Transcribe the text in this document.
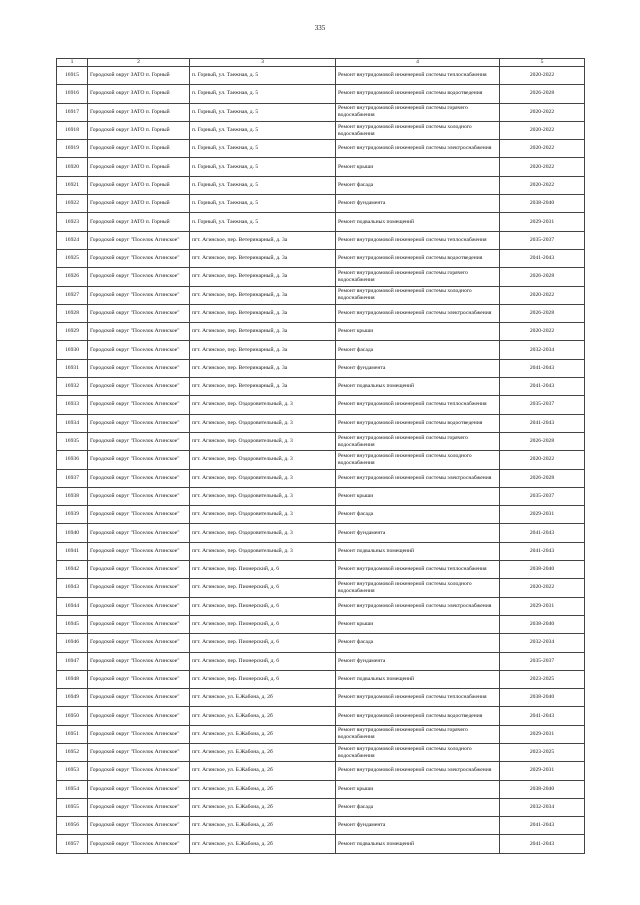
335
1	2	3	4	5
16915	Городской округ ЗАТО п. Горный	п. Горный, ул. Таежная, д. 5	Ремонт внутридомовой инженерной системы теплоснабжения	2020-2022
16916	Городской округ ЗАТО п. Горный	п. Горный, ул. Таежная, д. 5	Ремонт внутридомовой инженерной системы водоотведения	2026-2028
16917	Городской округ ЗАТО п. Горный	п. Горный, ул. Таежная, д. 5	Ремонт внутридомовой инженерной системы горячего водоснабжения	2020-2022
16918	Городской округ ЗАТО п. Горный	п. Горный, ул. Таежная, д. 5	Ремонт внутридомовой инженерной системы холодного водоснабжения	2020-2022
16919	Городской округ ЗАТО п. Горный	п. Горный, ул. Таежная, д. 5	Ремонт внутридомовой инженерной системы электроснабжения	2020-2022
16920	Городской округ ЗАТО п. Горный	п. Горный, ул. Таежная, д. 5	Ремонт крыши	2020-2022
16921	Городской округ ЗАТО п. Горный	п. Горный, ул. Таежная, д. 5	Ремонт фасада	2020-2022
16922	Городской округ ЗАТО п. Горный	п. Горный, ул. Таежная, д. 5	Ремонт фундамента	2038-2040
16923	Городской округ ЗАТО п. Горный	п. Горный, ул. Таежная, д. 5	Ремонт подвальных помещений	2029-2031
16924	Городской округ "Поселок Агинское"	пгт. Агинское, пер. Ветеринарный, д. 3а	Ремонт внутридомовой инженерной системы теплоснабжения	2035-2037
16925	Городской округ "Поселок Агинское"	пгт. Агинское, пер. Ветеринарный, д. 3а	Ремонт внутридомовой инженерной системы водоотведения	2041-2043
16926	Городской округ "Поселок Агинское"	пгт. Агинское, пер. Ветеринарный, д. 3а	Ремонт внутридомовой инженерной системы горячего водоснабжения	2026-2028
16927	Городской округ "Поселок Агинское"	пгт. Агинское, пер. Ветеринарный, д. 3а	Ремонт внутридомовой инженерной системы холодного водоснабжения	2020-2022
16928	Городской округ "Поселок Агинское"	пгт. Агинское, пер. Ветеринарный, д. 3а	Ремонт внутридомовой инженерной системы электроснабжения	2026-2028
16929	Городской округ "Поселок Агинское"	пгт. Агинское, пер. Ветеринарный, д. 3а	Ремонт крыши	2020-2022
16930	Городской округ "Поселок Агинское"	пгт. Агинское, пер. Ветеринарный, д. 3а	Ремонт фасада	2032-2034
16931	Городской округ "Поселок Агинское"	пгт. Агинское, пер. Ветеринарный, д. 3а	Ремонт фундамента	2041-2043
16932	Городской округ "Поселок Агинское"	пгт. Агинское, пер. Ветеринарный, д. 3а	Ремонт подвальных помещений	2041-2043
16933	Городской округ "Поселок Агинское"	пгт. Агинское, пер. Оздоровительный, д. 3	Ремонт внутридомовой инженерной системы теплоснабжения	2035-2037
16934	Городской округ "Поселок Агинское"	пгт. Агинское, пер. Оздоровительный, д. 3	Ремонт внутридомовой инженерной системы водоотведения	2041-2043
16935	Городской округ "Поселок Агинское"	пгт. Агинское, пер. Оздоровительный, д. 3	Ремонт внутридомовой инженерной системы горячего водоснабжения	2026-2028
16936	Городской округ "Поселок Агинское"	пгт. Агинское, пер. Оздоровительный, д. 3	Ремонт внутридомовой инженерной системы холодного водоснабжения	2020-2022
16937	Городской округ "Поселок Агинское"	пгт. Агинское, пер. Оздоровительный, д. 3	Ремонт внутридомовой инженерной системы электроснабжения	2026-2028
16938	Городской округ "Поселок Агинское"	пгт. Агинское, пер. Оздоровительный, д. 3	Ремонт крыши	2035-2037
16939	Городской округ "Поселок Агинское"	пгт. Агинское, пер. Оздоровительный, д. 3	Ремонт фасада	2029-2031
16940	Городской округ "Поселок Агинское"	пгт. Агинское, пер. Оздоровительный, д. 3	Ремонт фундамента	2041-2043
16941	Городской округ "Поселок Агинское"	пгт. Агинское, пер. Оздоровительный, д. 3	Ремонт подвальных помещений	2041-2043
16942	Городской округ "Поселок Агинское"	пгт. Агинское, пер. Пионерский, д. 6	Ремонт внутридомовой инженерной системы теплоснабжения	2038-2040
16943	Городской округ "Поселок Агинское"	пгт. Агинское, пер. Пионерский, д. 6	Ремонт внутридомовой инженерной системы холодного водоснабжения	2020-2022
16944	Городской округ "Поселок Агинское"	пгт. Агинское, пер. Пионерский, д. 6	Ремонт внутридомовой инженерной системы электроснабжения	2029-2031
16945	Городской округ "Поселок Агинское"	пгт. Агинское, пер. Пионерский, д. 6	Ремонт крыши	2038-2040
16946	Городской округ "Поселок Агинское"	пгт. Агинское, пер. Пионерский, д. 6	Ремонт фасада	2032-2034
16947	Городской округ "Поселок Агинское"	пгт. Агинское, пер. Пионерский, д. 6	Ремонт фундамента	2035-2037
16948	Городской округ "Поселок Агинское"	пгт. Агинское, пер. Пионерский, д. 6	Ремонт подвальных помещений	2023-2025
16949	Городской округ "Поселок Агинское"	пгт. Агинское, ул. Б.Жабона, д. 2б	Ремонт внутридомовой инженерной системы теплоснабжения	2038-2040
16950	Городской округ "Поселок Агинское"	пгт. Агинское, ул. Б.Жабона, д. 2б	Ремонт внутридомовой инженерной системы водоотведения	2041-2043
16951	Городской округ "Поселок Агинское"	пгт. Агинское, ул. Б.Жабона, д. 2б	Ремонт внутридомовой инженерной системы горячего водоснабжения	2029-2031
16952	Городской округ "Поселок Агинское"	пгт. Агинское, ул. Б.Жабона, д. 2б	Ремонт внутридомовой инженерной системы холодного водоснабжения	2023-2025
16953	Городской округ "Поселок Агинское"	пгт. Агинское, ул. Б.Жабона, д. 2б	Ремонт внутридомовой инженерной системы электроснабжения	2029-2031
16954	Городской округ "Поселок Агинское"	пгт. Агинское, ул. Б.Жабона, д. 2б	Ремонт крыши	2038-2040
16955	Городской округ "Поселок Агинское"	пгт. Агинское, ул. Б.Жабона, д. 2б	Ремонт фасада	2032-2034
16956	Городской округ "Поселок Агинское"	пгт. Агинское, ул. Б.Жабона, д. 2б	Ремонт фундамента	2041-2043
16957	Городской округ "Поселок Агинское"	пгт. Агинское, ул. Б.Жабона, д. 2б	Ремонт подвальных помещений	2041-2043
